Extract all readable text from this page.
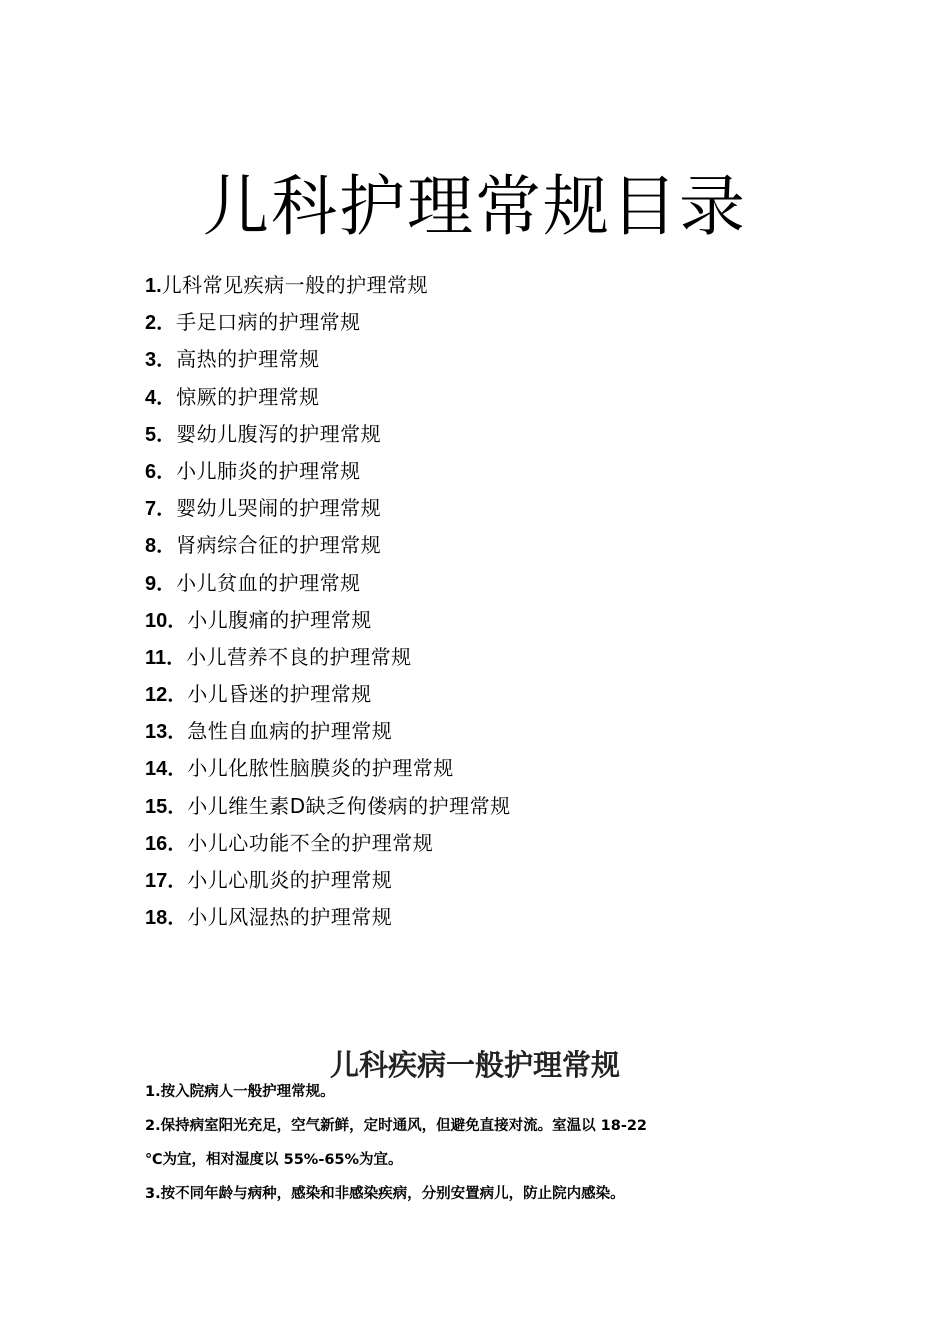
儿科护理常规目录
1.儿科常见疾病一般的护理常规
2．手足口病的护理常规
3．高热的护理常规
4．惊厥的护理常规
5．婴幼儿腹泻的护理常规
6．小儿肺炎的护理常规
7．婴幼儿哭闹的护理常规
8．肾病综合征的护理常规
9．小儿贫血的护理常规
10．小儿腹痛的护理常规
11．小儿营养不良的护理常规
12．小儿昏迷的护理常规
13．急性自血病的护理常规
14．小儿化脓性脑膜炎的护理常规
15．小儿维生素D缺乏佝偻病的护理常规
16．小儿心功能不全的护理常规
17．小儿心肌炎的护理常规
18．小儿风湿热的护理常规
儿科疾病一般护理常规
1.按入院病人一般护理常规。
2.保持病室阳光充足，空气新鲜，定时通风，但避免直接对流。室温以 18-22
℃为宜，相对湿度以 55%-65%为宜。
3.按不同年龄与病种，感染和非感染疾病，分别安置病儿，防止院内感染。
